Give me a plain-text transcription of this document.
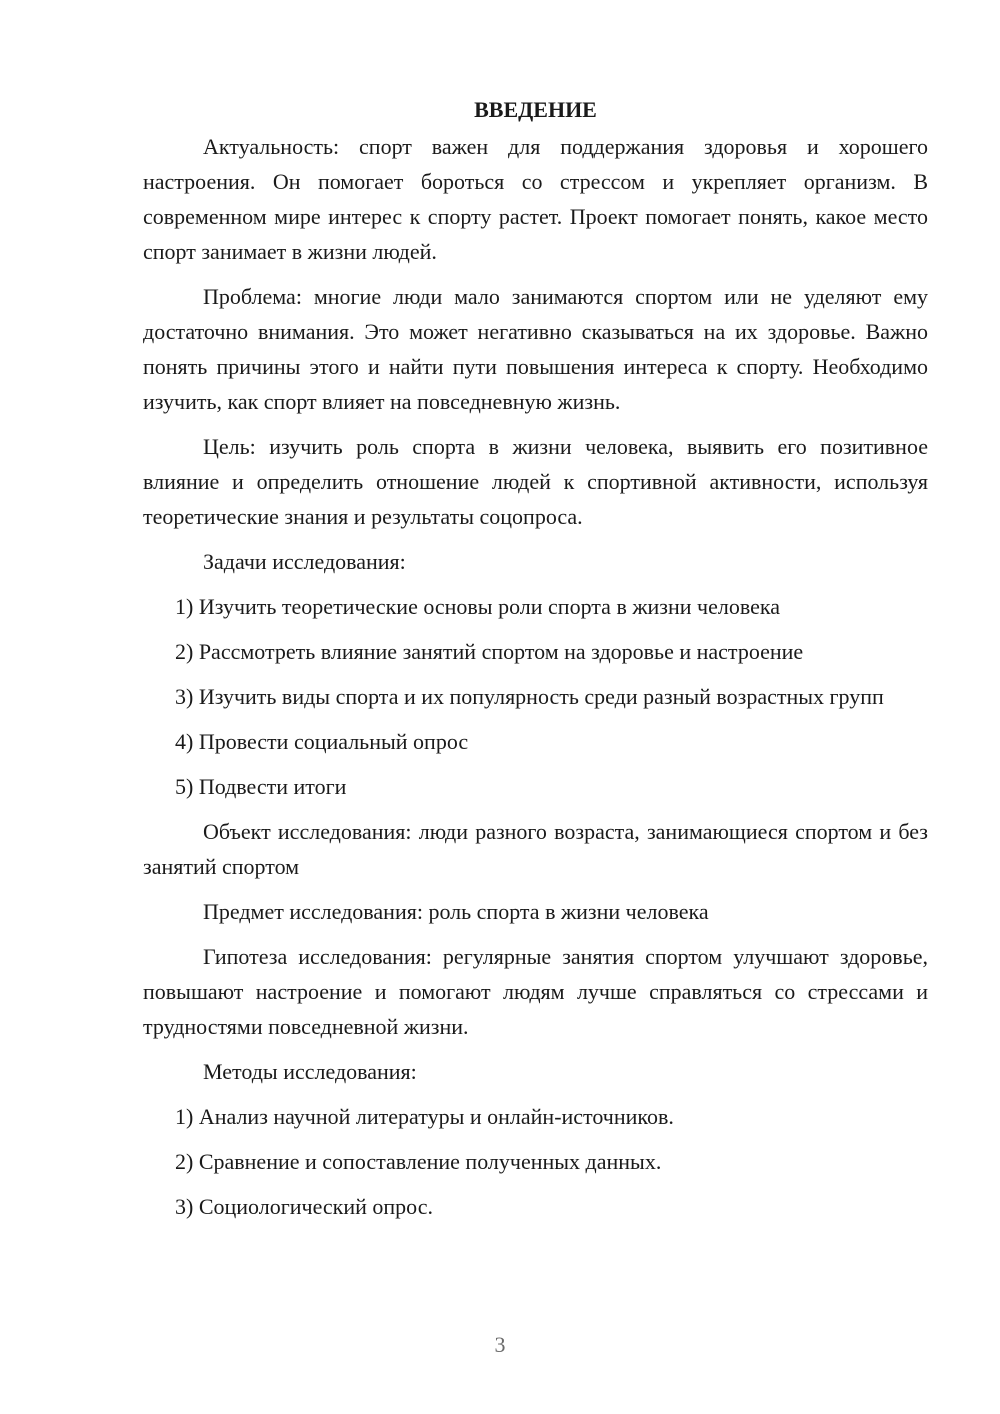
ВВЕДЕНИЕ

Актуальность: спорт важен для поддержания здоровья и хорошего настроения. Он помогает бороться со стрессом и укрепляет организм. В современном мире интерес к спорту растет. Проект помогает понять, какое место спорт занимает в жизни людей.

Проблема: многие люди мало занимаются спортом или не уделяют ему достаточно внимания. Это может негативно сказываться на их здоровье. Важно понять причины этого и найти пути повышения интереса к спорту. Необходимо изучить, как спорт влияет на повседневную жизнь.

Цель: изучить роль спорта в жизни человека, выявить его позитивное влияние и определить отношение людей к спортивной активности, используя теоретические знания и результаты соцопроса.

Задачи исследования:

1) Изучить теоретические основы роли спорта в жизни человека

2) Рассмотреть влияние занятий спортом на здоровье и настроение

3) Изучить виды спорта и их популярность среди разный возрастных групп

4) Провести социальный опрос

5) Подвести итоги

Объект исследования: люди разного возраста, занимающиеся спортом и без занятий спортом

Предмет исследования: роль спорта в жизни человека

Гипотеза исследования: регулярные занятия спортом улучшают здоровье, повышают настроение и помогают людям лучше справляться со стрессами и трудностями повседневной жизни.

Методы исследования:

1) Анализ научной литературы и онлайн-источников.

2) Сравнение и сопоставление полученных данных.

3) Социологический опрос.

3
